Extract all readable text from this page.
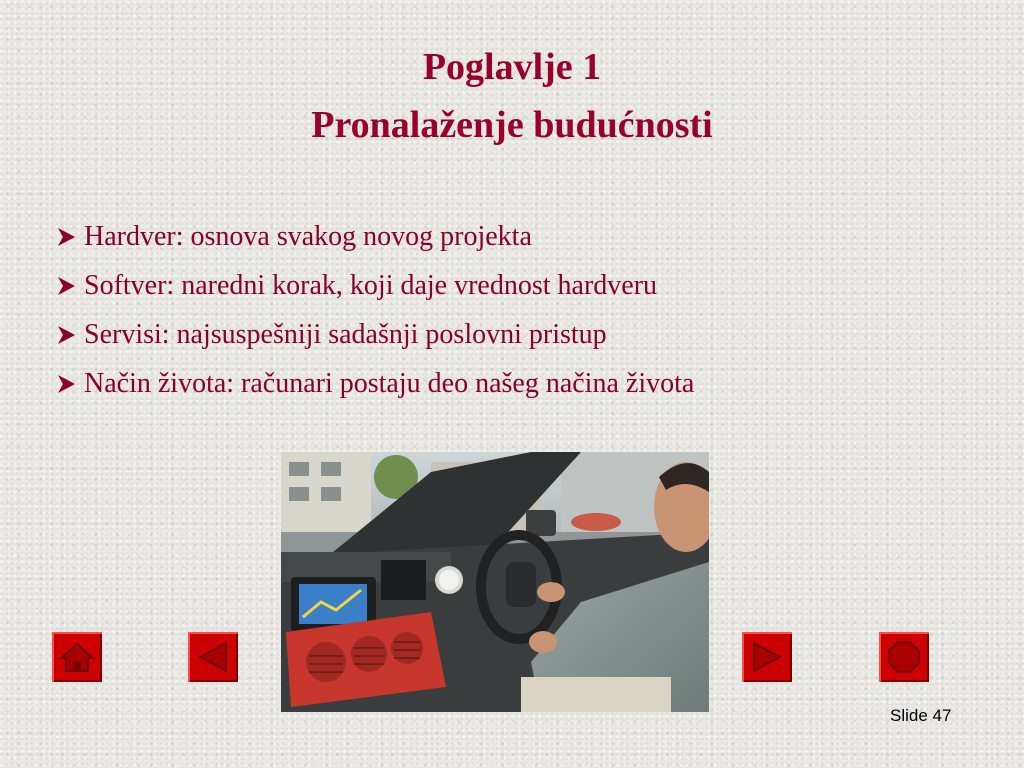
Poglavlje 1
Pronalaženje budućnosti
Hardver: osnova svakog novog projekta
Softver: naredni korak, koji daje vrednost hardveru
Servisi: najsuspešniji sadašnji poslovni pristup
Način života: računari postaju deo našeg načina života
Slide 47
